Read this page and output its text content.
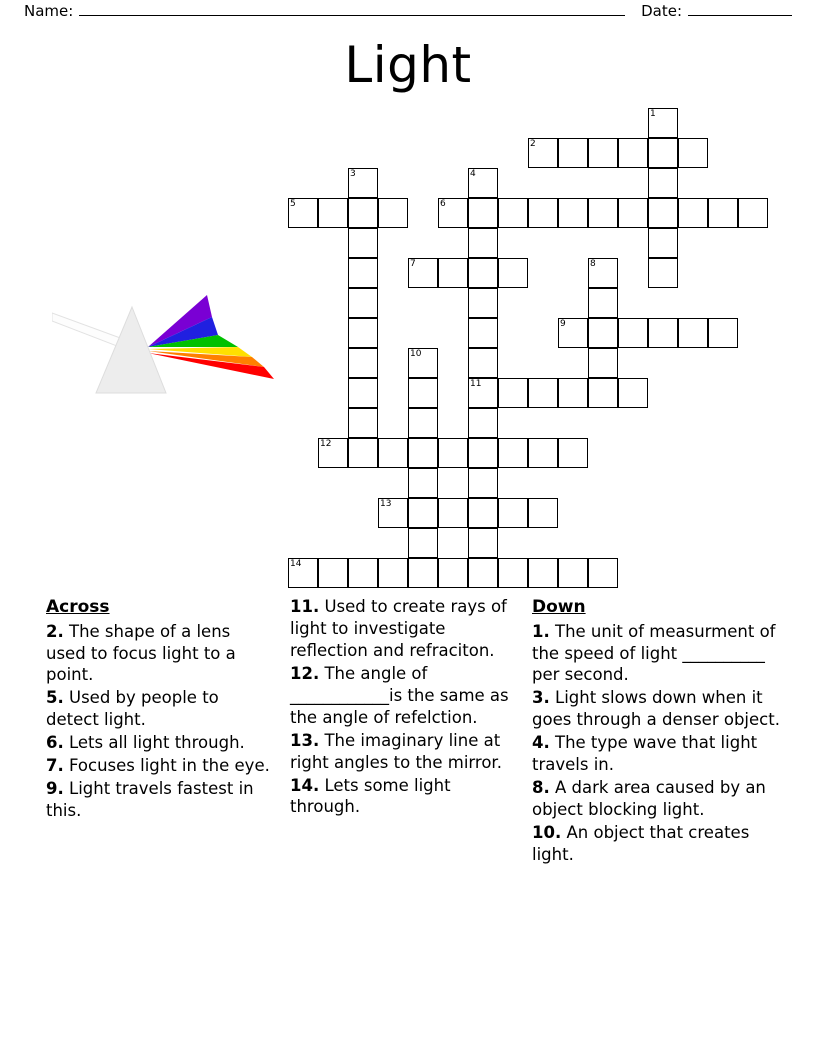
Name:	Date:
Light
1
2
3	4
5	6
7	8
9
10
11
12
13
14
Across

2. The shape of a lens used to focus light to a point.

5. Used by people to detect light.

6. Lets all light through.

7. Focuses light in the eye.

9. Light travels fastest in this.

11. Used to create rays of light to investigate reflection and refraciton.

12. The angle of ____________is the same as the angle of refelction.

13. The imaginary line at right angles to the mirror.

14. Lets some light through.

Down

1. The unit of measurment of the speed of light __________ per second.

3. Light slows down when it goes through a denser object.

4. The type wave that light travels in.

8. A dark area caused by an object blocking light.

10. An object that creates light.
